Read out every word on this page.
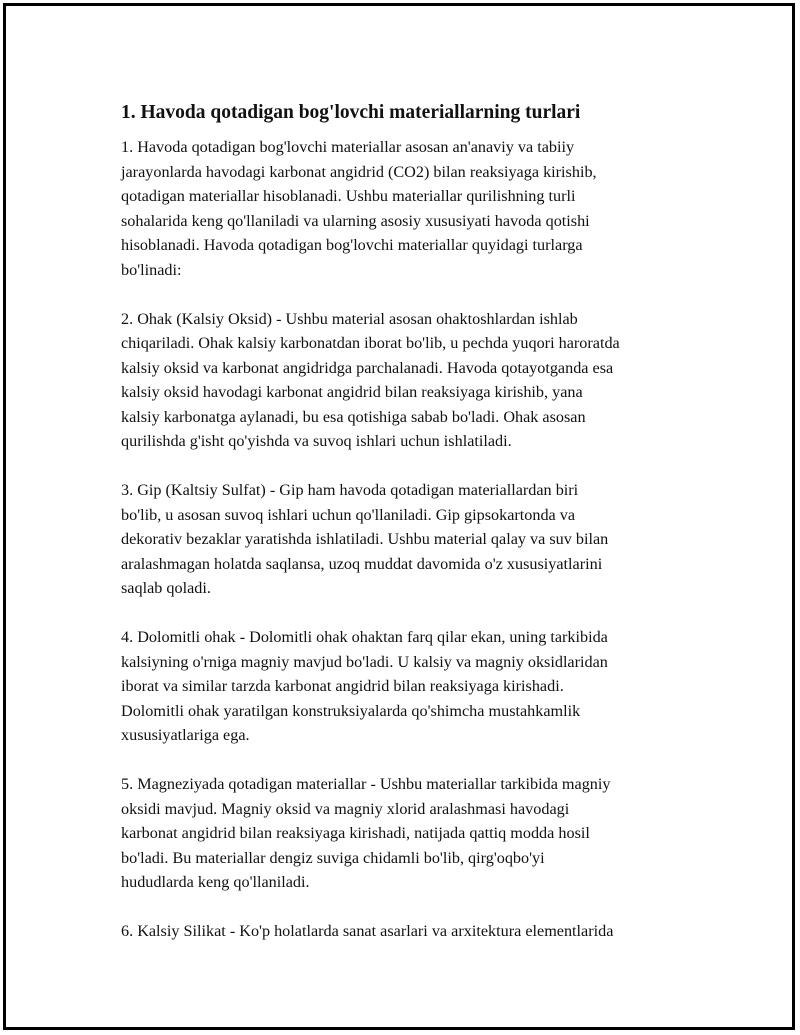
1. Havoda qotadigan bog'lovchi materiallarning turlari
1. Havoda qotadigan bog'lovchi materiallar asosan an'anaviy va tabiiy
jarayonlarda havodagi karbonat angidrid (CO2) bilan reaksiyaga kirishib,
qotadigan materiallar hisoblanadi. Ushbu materiallar qurilishning turli
sohalarida keng qo'llaniladi va ularning asosiy xususiyati havoda qotishi
hisoblanadi. Havoda qotadigan bog'lovchi materiallar quyidagi turlarga
bo'linadi:
2. Ohak (Kalsiy Oksid) - Ushbu material asosan ohaktoshlardan ishlab
chiqariladi. Ohak kalsiy karbonatdan iborat bo'lib, u pechda yuqori haroratda
kalsiy oksid va karbonat angidridga parchalanadi. Havoda qotayotganda esa
kalsiy oksid havodagi karbonat angidrid bilan reaksiyaga kirishib, yana
kalsiy karbonatga aylanadi, bu esa qotishiga sabab bo'ladi. Ohak asosan
qurilishda g'isht qo'yishda va suvoq ishlari uchun ishlatiladi.
3. Gip (Kaltsiy Sulfat) - Gip ham havoda qotadigan materiallardan biri
bo'lib, u asosan suvoq ishlari uchun qo'llaniladi. Gip gipsokartonda va
dekorativ bezaklar yaratishda ishlatiladi. Ushbu material qalay va suv bilan
aralashmagan holatda saqlansa, uzoq muddat davomida o'z xususiyatlarini
saqlab qoladi.
4. Dolomitli ohak - Dolomitli ohak ohaktan farq qilar ekan, uning tarkibida
kalsiyning o'rniga magniy mavjud bo'ladi. U kalsiy va magniy oksidlaridan
iborat va similar tarzda karbonat angidrid bilan reaksiyaga kirishadi.
Dolomitli ohak yaratilgan konstruksiyalarda qo'shimcha mustahkamlik
xususiyatlariga ega.
5. Magneziyada qotadigan materiallar - Ushbu materiallar tarkibida magniy
oksidi mavjud. Magniy oksid va magniy xlorid aralashmasi havodagi
karbonat angidrid bilan reaksiyaga kirishadi, natijada qattiq modda hosil
bo'ladi. Bu materiallar dengiz suviga chidamli bo'lib, qirg'oqbo'yi
hududlarda keng qo'llaniladi.
6. Kalsiy Silikat - Ko'p holatlarda sanat asarlari va arxitektura elementlarida
